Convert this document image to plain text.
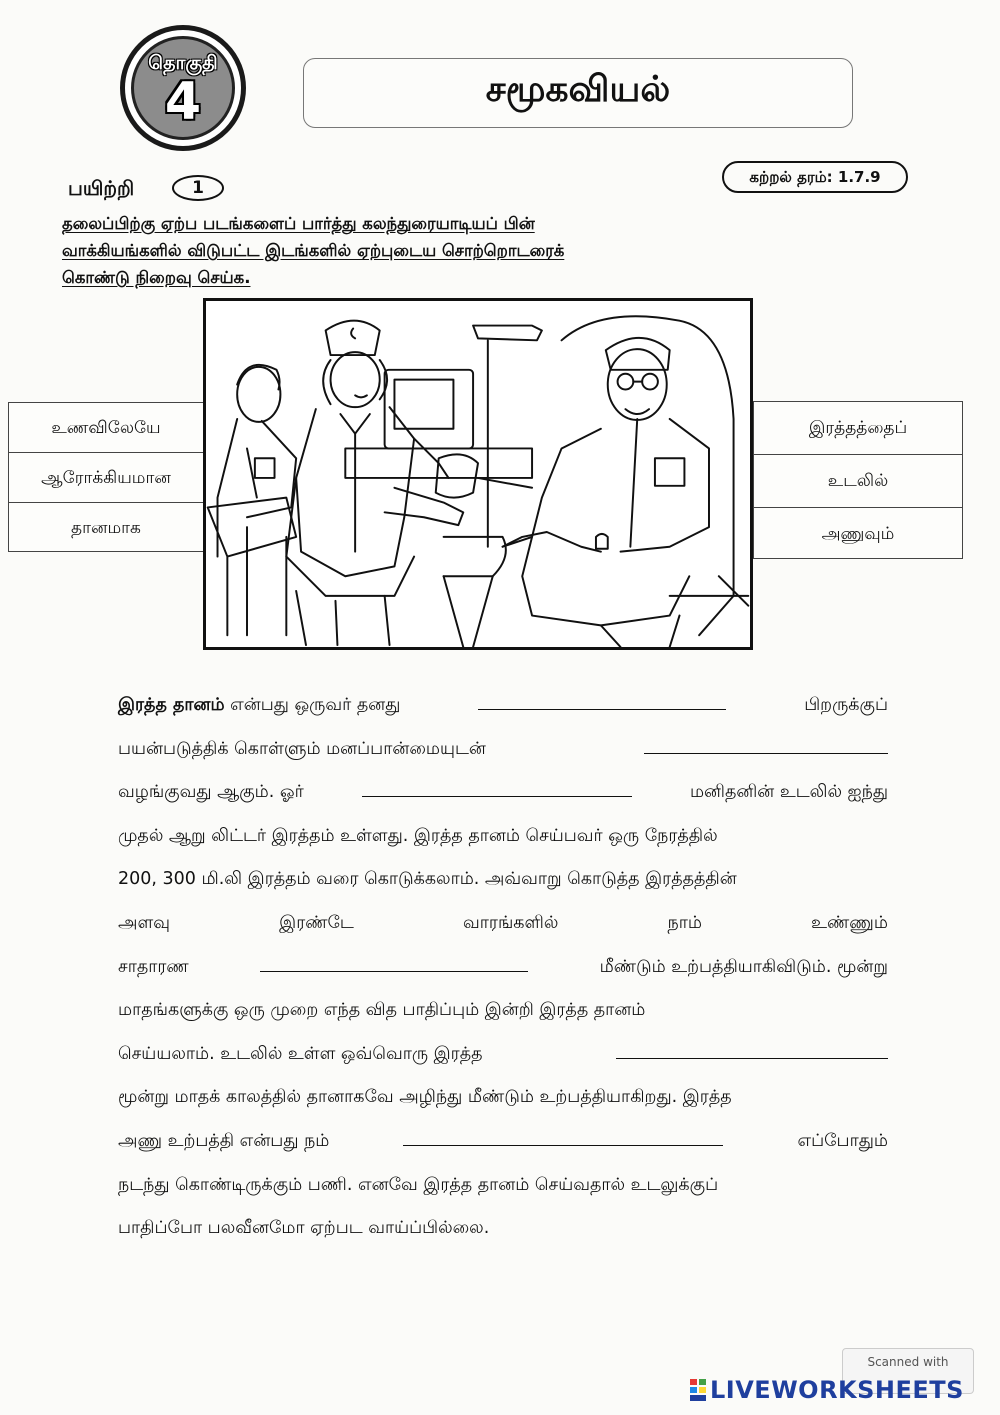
தொகுதி
4	சமூகவியல்
கற்றல் தரம்: 1.7.9
பயிற்றி	1
தலைப்பிற்கு ஏற்ப படங்களைப் பார்த்து கலந்துரையாடியப் பின்
வாக்கியங்களில் விடுபட்ட இடங்களில் ஏற்புடைய சொற்றொடரைக்
கொண்டு நிறைவு செய்க.
உணவிலேயே
ஆரோக்கியமான
தானமாக
இரத்தத்தைப்
உடலில்
அணுவும்
இரத்த தானம் என்பது ஒருவர் தனது	பிறருக்குப்
பயன்படுத்திக் கொள்ளும் மனப்பான்மையுடன்
வழங்குவது ஆகும். ஓர்	மனிதனின் உடலில் ஐந்து
முதல் ஆறு லிட்டர் இரத்தம் உள்ளது. இரத்த தானம் செய்பவர் ஒரு நேரத்தில்
200, 300 மி.லி இரத்தம் வரை கொடுக்கலாம். அவ்வாறு கொடுத்த இரத்தத்தின்
அளவு	இரண்டே	வாரங்களில்	நாம்	உண்ணும்
சாதாரண	மீண்டும் உற்பத்தியாகிவிடும். மூன்று
மாதங்களுக்கு ஒரு முறை எந்த வித பாதிப்பும் இன்றி இரத்த தானம்
செய்யலாம். உடலில் உள்ள ஒவ்வொரு இரத்த
மூன்று மாதக் காலத்தில் தானாகவே அழிந்து மீண்டும் உற்பத்தியாகிறது. இரத்த
அணு உற்பத்தி என்பது நம்	எப்போதும்
நடந்து கொண்டிருக்கும் பணி. எனவே இரத்த தானம் செய்வதால் உடலுக்குப்
பாதிப்போ பலவீனமோ ஏற்பட வாய்ப்பில்லை.
Scanned with
LIVEWORKSHEETS
